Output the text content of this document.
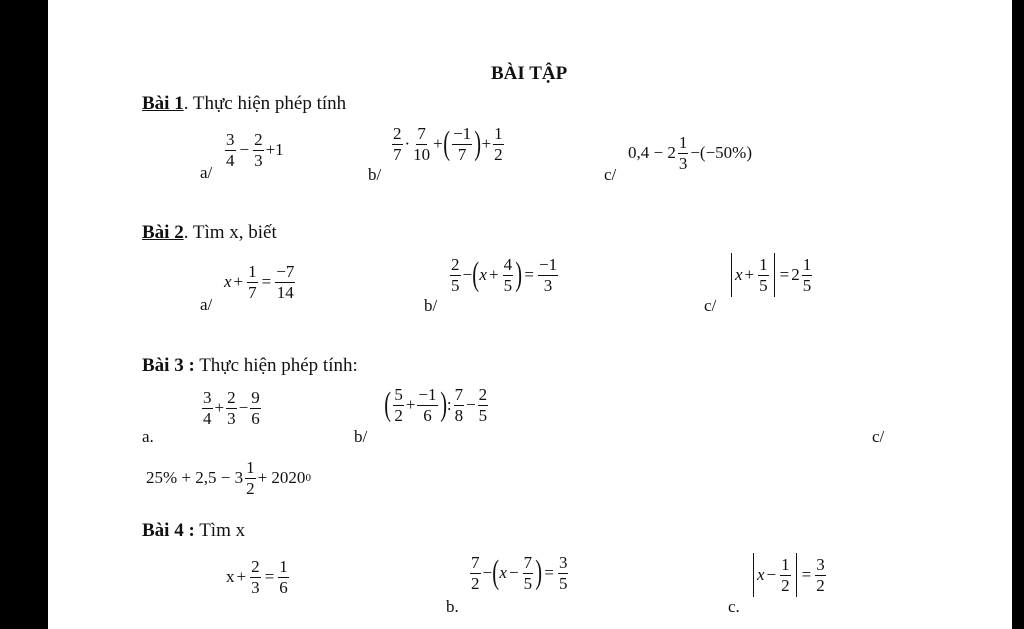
BÀI TẬP
Bài 1. Thực hiện phép tính
a/
3
4
− $\frac{2}{3} +1$
b/
2
7
·
7
10
+ ( −1
7 ) + $\frac{1}{2}$
c/
0,4 − 2
1
3
−(−50%)
Bài 2. Tìm x, biết
a/
$x + \frac{1}{7} = \frac{-7}{14}$
b/
2
5
− ( $x + \frac{4}{5}$ ) = $\frac{-1}{3}$
c/
$x + \frac{1}{5} = 2$
1
5
Bài 3 : Thực hiện phép tính:
a.
3
4
+ $\frac{2}{3} - \frac{9}{6}$
b/
( 5
2
+ $\frac{-1}{6}$ ) :
7
8
− $\frac{2}{5}$
c/
25% + 2,5 − 3
1
2
+ 2020 0
Bài 4 : Tìm x
$x + \frac{2}{3} = \frac{1}{6}$
b.
7
2
− ( $x - \frac{7}{5}$ ) = $\frac{3}{5}$
c.
$x - \frac{1}{2} = \frac{3}{2}$
